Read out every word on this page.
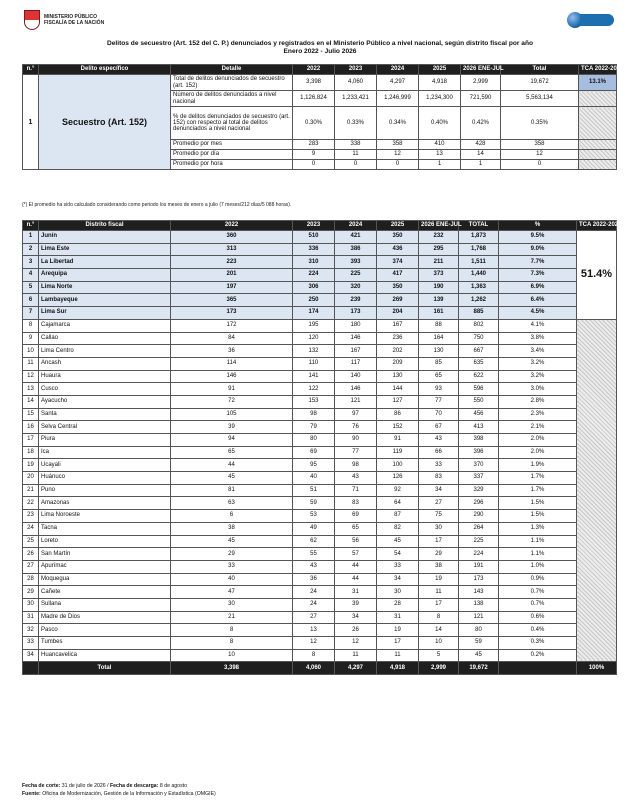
MINISTERIO PÚBLICO
FISCALÍA DE LA NACIÓN
Delitos de secuestro (Art. 152 del C. P.) denunciados y registrados en el Ministerio Público a nivel nacional, según distrito fiscal por año
Enero 2022 - Julio 2026
n.°	Delito específico	Detalle	2022	2023	2024	2025	2026 ENE-JUL	Total	TCA 2022-2025
1	Secuestro (Art. 152)	Total de delitos denunciados de secuestro (art. 152)	3,398	4,060	4,297	4,918	2,999	19,672	13.1%
		Número de delitos denunciados a nivel nacional	1,126,824	1,233,421	1,246,999	1,234,300	721,590	5,563,134	
		% de delitos denunciados de secuestro (art. 152) con respecto al total de delitos denunciados a nivel nacional	0.30%	0.33%	0.34%	0.40%	0.42%	0.35%	
		Promedio por mes	283	338	358	410	428	358	
		Promedio por día	9	11	12	13	14	12	
		Promedio por hora	0	0	0	1	1	0	
(*) El promedio ha sido calculado considerando como periodo los meses de enero a julio (7 meses/212 días/5 088 horas).
n.°	Distrito fiscal	2022	2023	2024	2025	2026 ENE-JUL	TOTAL	%	TCA 2022-2025	
1	Junín	360	510	421	350	232	1,873	9.5%	51.4%	

2	Lima Este	313	336	386	436	295	1,768	9.0%	

3	La Libertad	223	310	393	374	211	1,511	7.7%	

4	Arequipa	201	224	225	417	373	1,440	7.3%	

5	Lima Norte	197	306	320	350	190	1,363	6.9%	

6	Lambayeque	365	250	239	269	139	1,262	6.4%	

7	Lima Sur	173	174	173	204	161	885	4.5%	

8	Cajamarca	172	195	180	167	88	802	4.1%		

9	Callao	84	120	146	236	164	750	3.8%	

10	Lima Centro	36	132	167	202	130	667	3.4%	

11	Ancash	114	110	117	209	85	635	3.2%	

12	Huaura	146	141	140	130	65	622	3.2%	

13	Cusco	91	122	146	144	93	596	3.0%	

14	Ayacucho	72	153	121	127	77	550	2.8%	

15	Santa	105	98	97	86	70	456	2.3%	

16	Selva Central	39	79	76	152	67	413	2.1%	

17	Piura	94	80	90	91	43	398	2.0%	

18	Ica	65	69	77	119	66	396	2.0%	

19	Ucayali	44	95	98	100	33	370	1.9%	

20	Huánuco	45	40	43	126	83	337	1.7%	

21	Puno	81	51	71	92	34	329	1.7%	

22	Amazonas	63	59	83	64	27	296	1.5%	

23	Lima Noroeste	6	53	69	87	75	290	1.5%	

24	Tacna	38	49	65	82	30	264	1.3%	

25	Loreto	45	62	56	45	17	225	1.1%	
26	San Martín	29	55	57	54	29	224	1.1%	

27	Apurímac	33	43	44	33	38	191	1.0%	
28	Moquegua	40	36	44	34	19	173	0.9%	

29	Cañete	47	24	31	30	11	143	0.7%	

30	Sullana	30	24	39	28	17	138	0.7%	

31	Madre de Dios	21	27	34	31	8	121	0.6%	

32	Pasco	8	13	26	19	14	80	0.4%	

33	Tumbes	8	12	12	17	10	59	0.3%	

34	Huancavelica	10	8	11	11	5	45	0.2%	

	Total	3,398	4,060	4,297	4,918	2,999	19,672		100%	
Fecha de corte: 31 de julio de 2026 / Fecha de descarga: 8 de agosto
Fuente: Oficina de Modernización, Gestión de la Información y Estadística (OMGIE)
